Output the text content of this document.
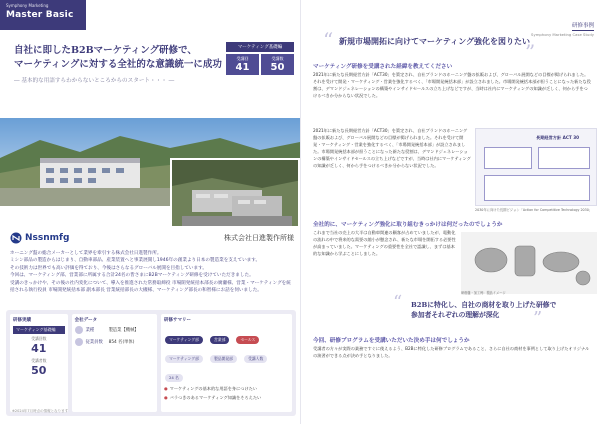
Symphony Marketing
Master Basic
自社に即したB2Bマーケティング研修で、
マーケティングに対する全社的な意識統一に成功
― 基本的な用語すらわからないところからのスタート・・・ ―
マーケティング基礎編
受講回
41
受講数
50
Nssnmfg	株式会社日進製作所様

ホーニング盤の総合メーカーとして業界を牽引する株式会社日進製作所。

ミシン部品の製造からはじまり、自動車部品、産業装置へと事業展開し1946年の創業より日本の製造業を支えています。

その技術力は世界でも高い評価を得ており、今後はさらなるグローバル展開を目指しています。

今回は、マーケティング部、営業部に所属する合計24名の皆さまにB2Bマーケティング研修を受けていただきました。

受講のきっかけや、その後の社内変化について、導入を推進された常務取締役 市場開発統括本部長の廣瀬様、営業・マーケティングを統括される執行役員 市場開発統括本部 副本部長 営業統括部長の大槻様、マーケティング部長の和智様にお話を伺いました。

研修実績
マーケティング基礎編
受講回数
41
受講者数
50
会社データ
業種	製造業【機械】
従業員数	854 名(単体)
研修サマリー
マーケティング部	営業部	セールス
マーケティング部	製品開発部	受講人数 24 名
● マーケティングの基本的な用語を身につけたい
● バラつきのあるマーケティング知識をそろえたい
※2024年7月時点の情報となります
研修事例
Symphony Marketing Case Study
“ 新規市場開拓に向けてマーケティング強化を図りたい
”
マーケティング研修を受講された経緯を教えてください
2021年に新たな長期経営方針「ACT30」を策定され、自社ブランドのホーニング盤の拡販および、グローバル展開などの目標が掲げられました。それを受けて開発・マーケティング・営業を強化するべく、「市場開発統括本部」が設立されました。市場開発統括本部が担うことになった新たな役割は、デマンドジェネレーションの構築やインサイドセールスの立ち上げなどですが、当時は社内にマーケティングの知識が乏しく、何から手をつけるべきか分からない状況でした。
2021年に新たな長期経営方針「ACT30」を策定され、自社ブランドのホーニング盤の拡販および、グローバル展開などの目標が掲げられました。それを受けて開発・マーケティング・営業を強化するべく、「市場開発統括本部」が設立されました。市場開発統括本部が担うことになった新たな役割は、デマンドジェネレーションの構築やインサイドセールスの立ち上げなどですが、当時は社内にマーケティングの知識が乏しく、何から手をつけるべきか分からない状況でした。
長期経営方針 ACT 30
2030年に向けた長期ビジョン「Action for Competitive Technology 2030」
全社的に、マーケティング強化に取り組むきっかけは何だったのでしょうか
これまで当社の売上の大半は自動車関連の顧客が占めていましたが、電動化の流れの中で将来的な需要の縮小が懸念され、新たな市場を開拓する必要性が高まっていました。マーケティングの重要性を全社で認識し、まずは基本的な知識から学ぶことにしました。
研削盤・加工例：製品イメージ
“ B2Bに特化し、自社の商材を取り上げた研修で
参加者それぞれの理解が深化	”
今回、研修プログラムを受講いただいた決め手は何でしょうか
受講者の方々が実際の業務ですぐに使えるよう、B2Bに特化した研修プログラムであること、さらに自社の商材を事例として取り上げたオリジナルの演習ができる点が決め手となりました。
